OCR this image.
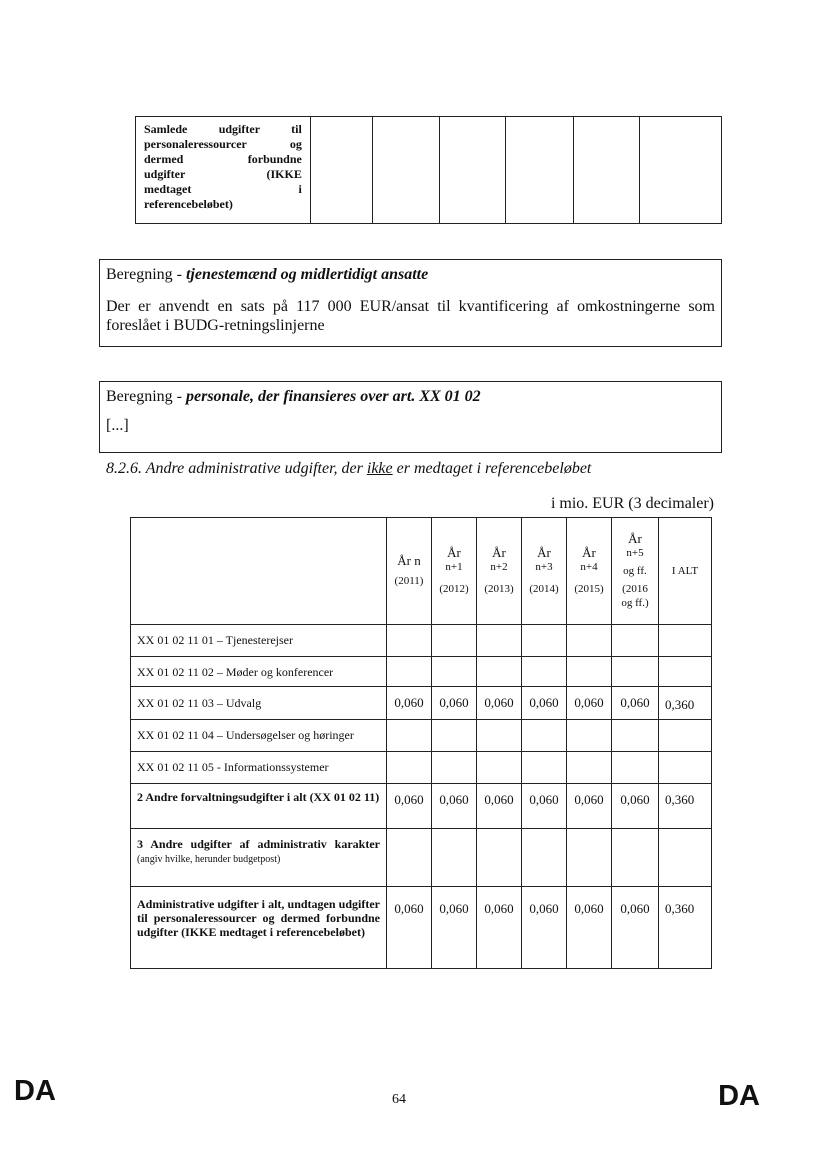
Samlede udgifter til
personaleressourcer og
dermed forbundne
udgifter (IKKE
medtaget i
referencebeløbet)

Beregning - tjenestemænd og midlertidigt ansatte

Der er anvendt en sats på 117 000 EUR/ansat til kvantificering af omkostningerne som foreslået i BUDG-retningslinjerne

Beregning - personale, der finansieres over art. XX 01 02

[...]

8.2.6. Andre administrative udgifter, der ikke er medtaget i referencebeløbet
i mio. EUR (3 decimaler)

	År n
(2011)	År
n+1
(2012)	År
n+2
(2013)	År
n+3
(2014)	År
n+4
(2015)	År
n+5
og ff.
(2016
og ff.)	I ALT

XX 01 02 11 01 – Tjenesterejser							
XX 01 02 11 02 – Møder og konferencer							
XX 01 02 11 03 – Udvalg	0,060	0,060	0,060	0,060	0,060	0,060	0,360
XX 01 02 11 04 – Undersøgelser og høringer							
XX 01 02 11 05 - Informationssystemer							
2 Andre forvaltningsudgifter i alt (XX 01 02 11)	0,060	0,060	0,060	0,060	0,060	0,060	0,360
3 Andre udgifter af administrativ karakter (angiv hvilke, herunder budgetpost)							
Administrative udgifter i alt, undtagen udgifter til personaleressourcer og dermed forbundne udgifter (IKKE medtaget i referencebeløbet)	0,060	0,060	0,060	0,060	0,060	0,060	0,360
DA	64	DA
